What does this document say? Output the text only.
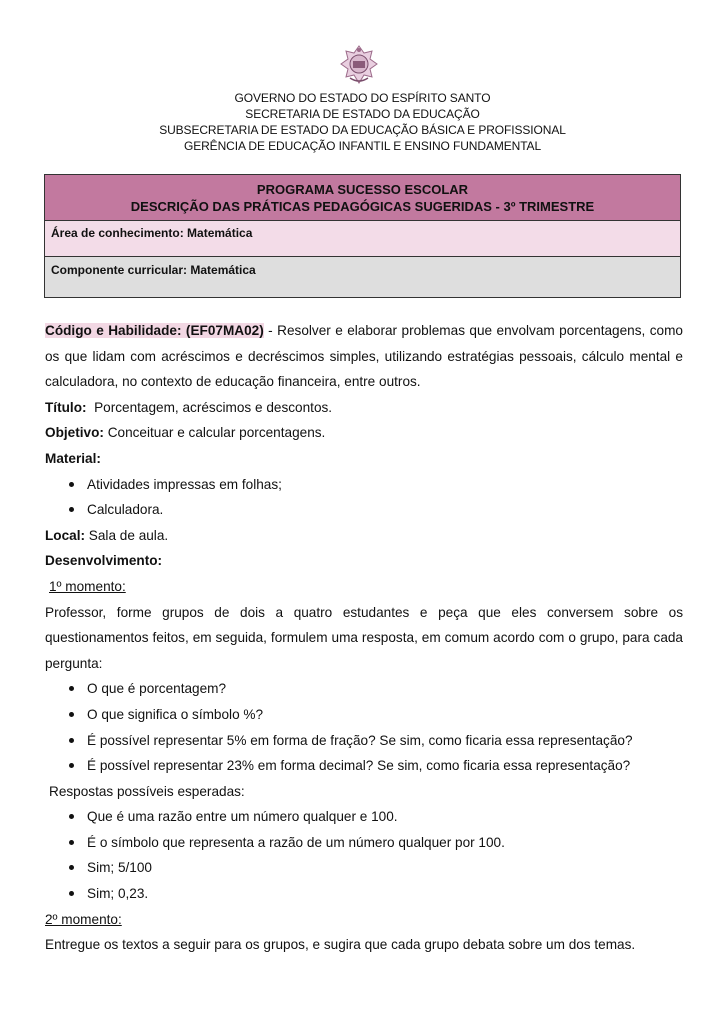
GOVERNO DO ESTADO DO ESPÍRITO SANTO
SECRETARIA DE ESTADO DA EDUCAÇÃO
SUBSECRETARIA DE ESTADO DA EDUCAÇÃO BÁSICA E PROFISSIONAL
GERÊNCIA DE EDUCAÇÃO INFANTIL E ENSINO FUNDAMENTAL
PROGRAMA SUCESSO ESCOLAR
DESCRIÇÃO DAS PRÁTICAS PEDAGÓGICAS SUGERIDAS - 3º TRIMESTRE
Área de conhecimento: Matemática
Componente curricular: Matemática

Código e Habilidade: (EF07MA02) - Resolver e elaborar problemas que envolvam porcentagens, como os que lidam com acréscimos e decréscimos simples, utilizando estratégias pessoais, cálculo mental e calculadora, no contexto de educação financeira, entre outros.

Título:  Porcentagem, acréscimos e descontos.

Objetivo: Conceituar e calcular porcentagens.

Material:

Atividades impressas em folhas;
Calculadora.

Local: Sala de aula.

Desenvolvimento:

1º momento:

Professor, forme grupos de dois a quatro estudantes e peça que eles conversem sobre os questionamentos feitos, em seguida, formulem uma resposta, em comum acordo com o grupo, para cada pergunta:

O que é porcentagem?
O que significa o símbolo %?
É possível representar 5% em forma de fração? Se sim, como ficaria essa representação?
É possível representar 23% em forma decimal? Se sim, como ficaria essa representação?

Respostas possíveis esperadas:

Que é uma razão entre um número qualquer e 100.
É o símbolo que representa a razão de um número qualquer por 100.
Sim; 5/100
Sim; 0,23.

2º momento:

Entregue os textos a seguir para os grupos, e sugira que cada grupo debata sobre um dos temas.
